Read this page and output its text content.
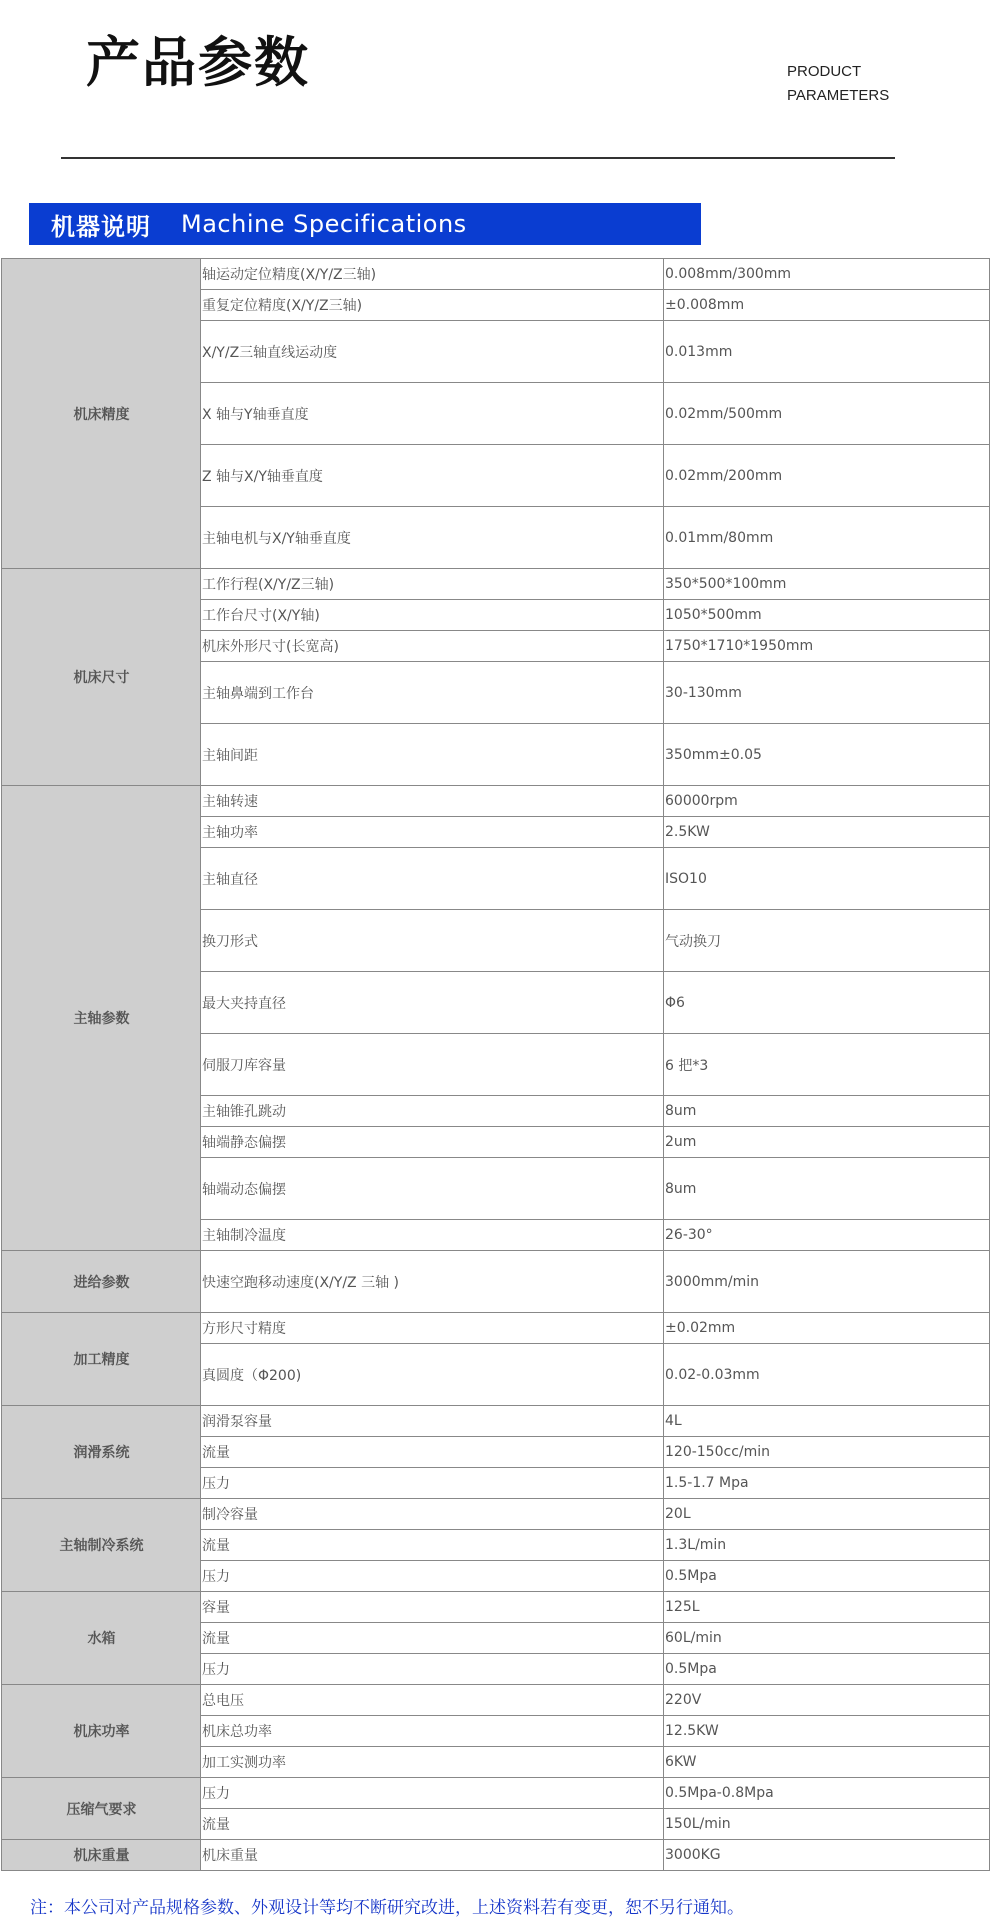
产品参数	PRODUCT
PARAMETERS
机器说明 Machine Specifications
机床精度	轴运动定位精度(X/Y/Z三轴)	0.008mm/300mm
	重复定位精度(X/Y/Z三轴)	±0.008mm
	X/Y/Z三轴直线运动度	0.013mm
	X 轴与Y轴垂直度	0.02mm/500mm
	Z 轴与X/Y轴垂直度	0.02mm/200mm
	主轴电机与X/Y轴垂直度	0.01mm/80mm
机床尺寸	工作行程(X/Y/Z三轴)	350*500*100mm
	工作台尺寸(X/Y轴)	1050*500mm
	机床外形尺寸(长宽高)	1750*1710*1950mm
	主轴鼻端到工作台	30-130mm
	主轴间距	350mm±0.05
主轴参数	主轴转速	60000rpm
	主轴功率	2.5KW
	主轴直径	ISO10
	换刀形式	气动换刀
	最大夹持直径	Φ6
	伺服刀库容量	6 把*3
	主轴锥孔跳动	8um
	轴端静态偏摆	2um
	轴端动态偏摆	8um
	主轴制冷温度	26-30°
进给参数	快速空跑移动速度(X/Y/Z 三轴 )	3000mm/min
加工精度	方形尺寸精度	±0.02mm
	真圆度（Φ200)	0.02-0.03mm
润滑系统	润滑泵容量	4L
	流量	120-150cc/min
	压力	1.5-1.7 Mpa
主轴制冷系统	制冷容量	20L
	流量	1.3L/min
	压力	0.5Mpa
水箱	容量	125L
	流量	60L/min
	压力	0.5Mpa
机床功率	总电压	220V
	机床总功率	12.5KW
	加工实测功率	6KW
压缩气要求	压力	0.5Mpa-0.8Mpa
	流量	150L/min
机床重量	机床重量	3000KG
注：本公司对产品规格参数、外观设计等均不断研究改进，上述资料若有变更，恕不另行通知。
